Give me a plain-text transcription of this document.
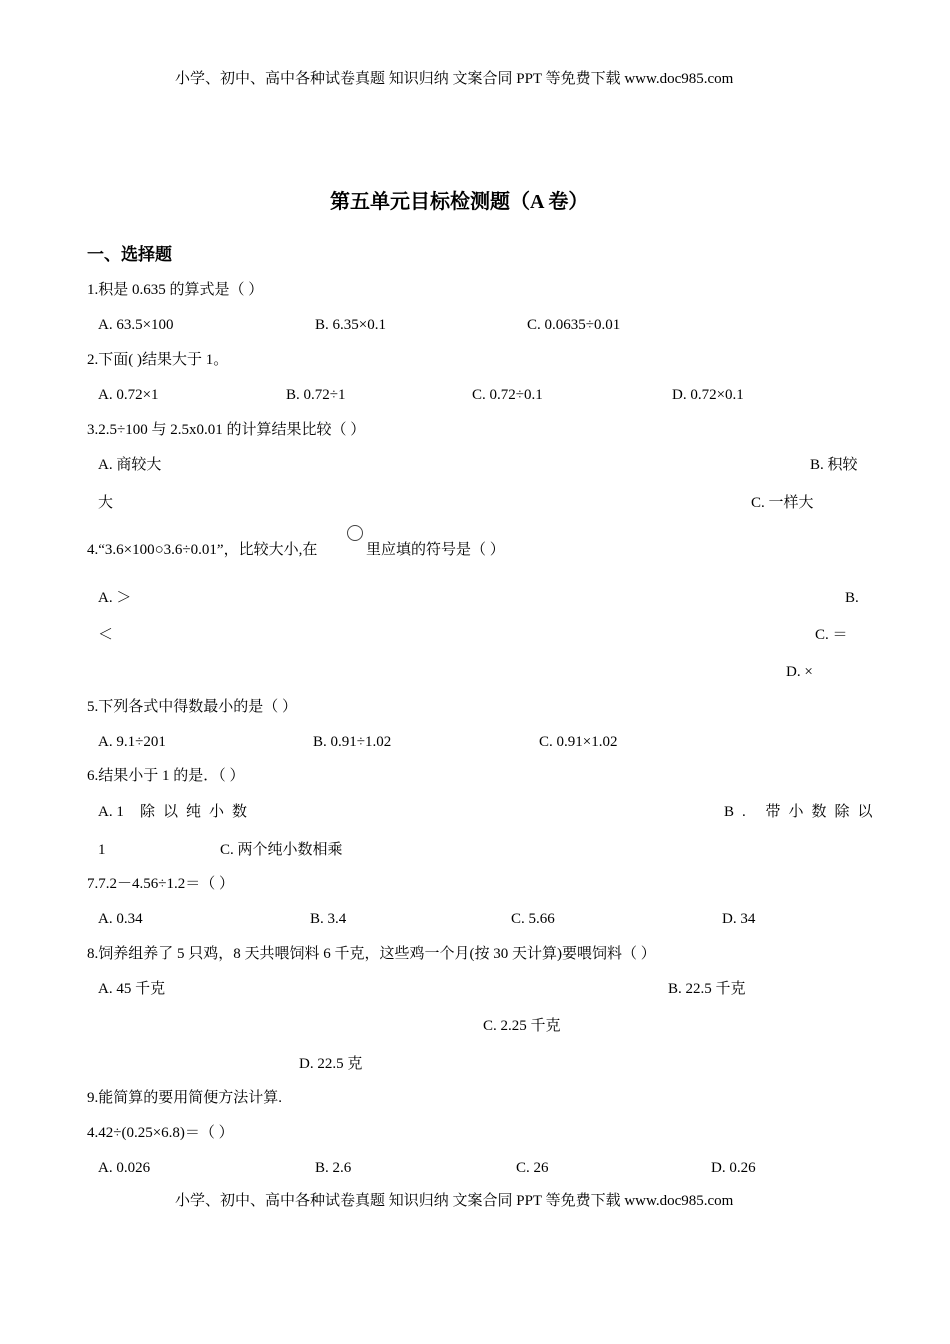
小学、初中、高中各种试卷真题 知识归纳 文案合同 PPT 等免费下载 www.doc985.com
第五单元目标检测题（A 卷）
一、选择题
1.积是 0.635 的算式是（ ）
A. 63.5×100	B. 6.35×0.1	C. 0.0635÷0.01
2.下面( )结果大于 1。
A. 0.72×1	B. 0.72÷1	C. 0.72÷0.1	D. 0.72×0.1
3.2.5÷100 与 2.5x0.01 的计算结果比较（ ）
A. 商较大	B. 积较
大	C. 一样大
4.“3.6×100○3.6÷0.01”，比较大小,在	里应填的符号是（ ）
A. ＞	B.
＜	C. ＝
D. ×
5.下列各式中得数最小的是（ ）
A. 9.1÷201	B. 0.91÷1.02	C. 0.91×1.02
6.结果小于 1 的是．（ ）
A. 1 除以纯小数	B. 带小数除以
1	C. 两个纯小数相乘
7.7.2－4.56÷1.2＝（ ）
A. 0.34	B. 3.4	C. 5.66	D. 34
8.饲养组养了 5 只鸡，8 天共喂饲料 6 千克，这些鸡一个月(按 30 天计算)要喂饲料（ ）
A. 45 千克	B. 22.5 千克
C. 2.25 千克
D. 22.5 克
9.能简算的要用简便方法计算.
4.42÷(0.25×6.8)＝（ ）
A. 0.026	B. 2.6	C. 26	D. 0.26
小学、初中、高中各种试卷真题 知识归纳 文案合同 PPT 等免费下载 www.doc985.com
